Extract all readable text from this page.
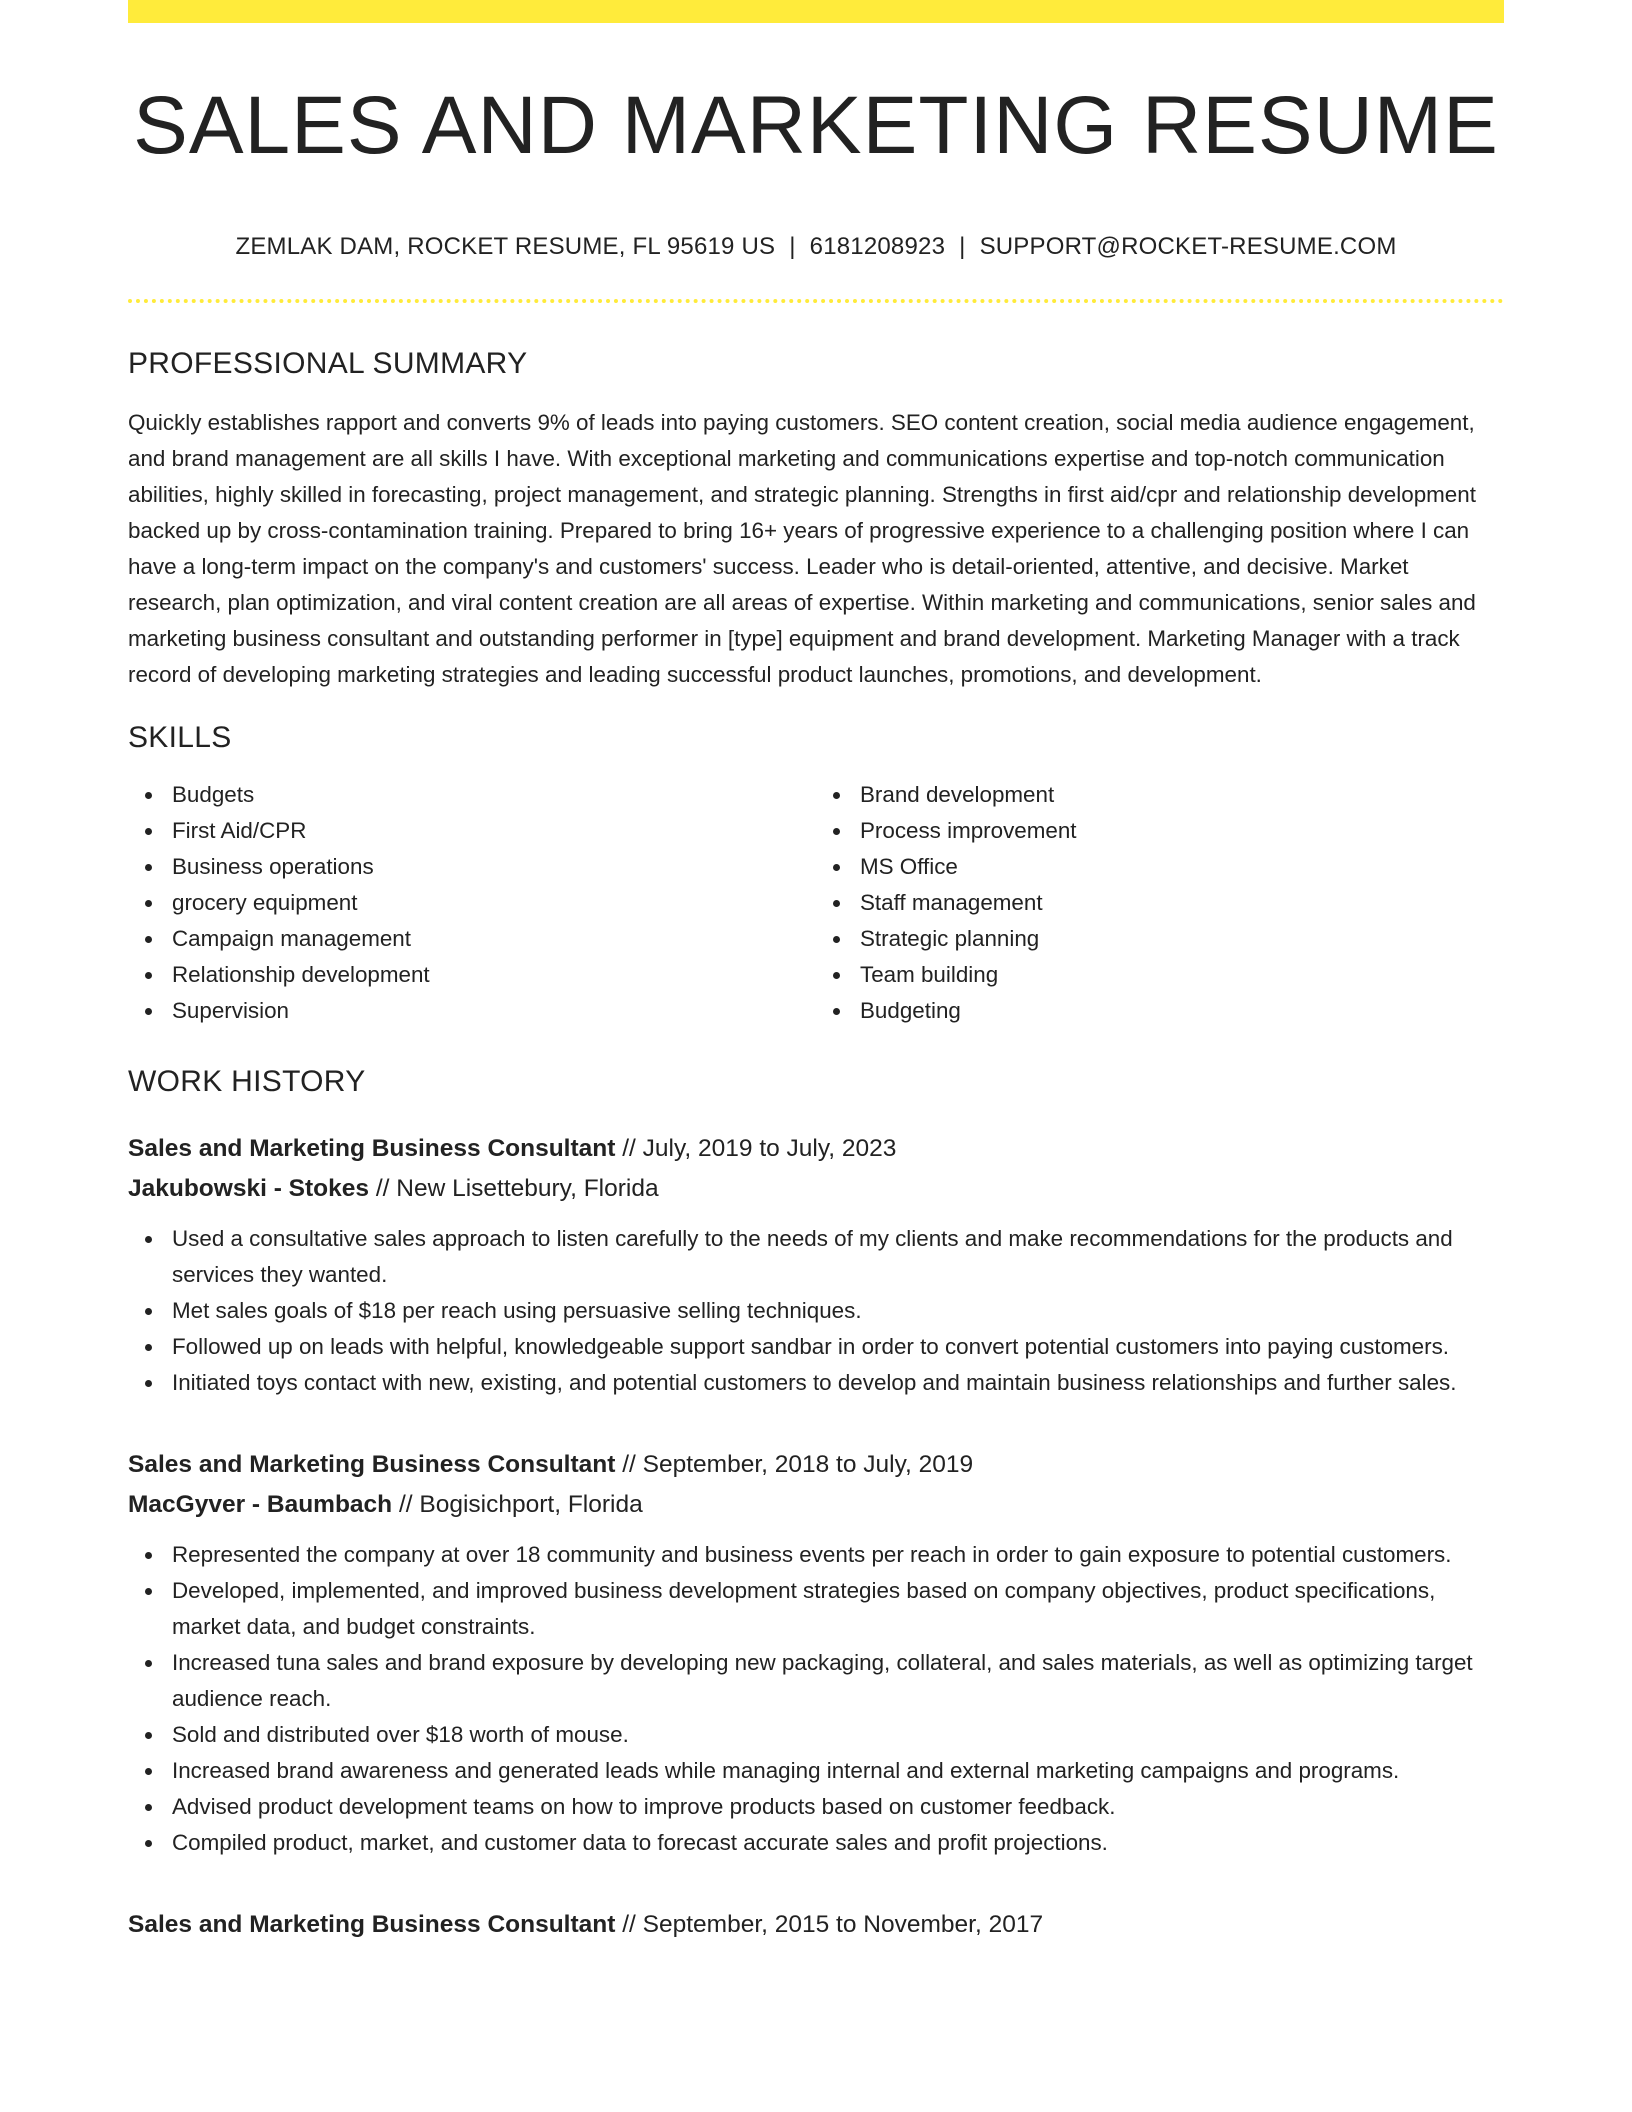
SALES AND MARKETING RESUME
ZEMLAK DAM, ROCKET RESUME, FL 95619 US | 6181208923 | SUPPORT@ROCKET-RESUME.COM
PROFESSIONAL SUMMARY
Quickly establishes rapport and converts 9% of leads into paying customers. SEO content creation, social media audience engagement, and brand management are all skills I have. With exceptional marketing and communications expertise and top-notch communication abilities, highly skilled in forecasting, project management, and strategic planning. Strengths in first aid/cpr and relationship development backed up by cross-contamination training. Prepared to bring 16+ years of progressive experience to a challenging position where I can have a long-term impact on the company's and customers' success. Leader who is detail-oriented, attentive, and decisive. Market research, plan optimization, and viral content creation are all areas of expertise. Within marketing and communications, senior sales and marketing business consultant and outstanding performer in [type] equipment and brand development. Marketing Manager with a track record of developing marketing strategies and leading successful product launches, promotions, and development.
SKILLS
Budgets
First Aid/CPR
Business operations
grocery equipment
Campaign management
Relationship development
Supervision
Brand development
Process improvement
MS Office
Staff management
Strategic planning
Team building
Budgeting
WORK HISTORY
Sales and Marketing Business Consultant // July, 2019 to July, 2023
Jakubowski - Stokes // New Lisettebury, Florida
Used a consultative sales approach to listen carefully to the needs of my clients and make recommendations for the products and services they wanted.
Met sales goals of $18 per reach using persuasive selling techniques.
Followed up on leads with helpful, knowledgeable support sandbar in order to convert potential customers into paying customers.
Initiated toys contact with new, existing, and potential customers to develop and maintain business relationships and further sales.
Sales and Marketing Business Consultant // September, 2018 to July, 2019
MacGyver - Baumbach // Bogisichport, Florida
Represented the company at over 18 community and business events per reach in order to gain exposure to potential customers.
Developed, implemented, and improved business development strategies based on company objectives, product specifications, market data, and budget constraints.
Increased tuna sales and brand exposure by developing new packaging, collateral, and sales materials, as well as optimizing target audience reach.
Sold and distributed over $18 worth of mouse.
Increased brand awareness and generated leads while managing internal and external marketing campaigns and programs.
Advised product development teams on how to improve products based on customer feedback.
Compiled product, market, and customer data to forecast accurate sales and profit projections.
Sales and Marketing Business Consultant // September, 2015 to November, 2017
